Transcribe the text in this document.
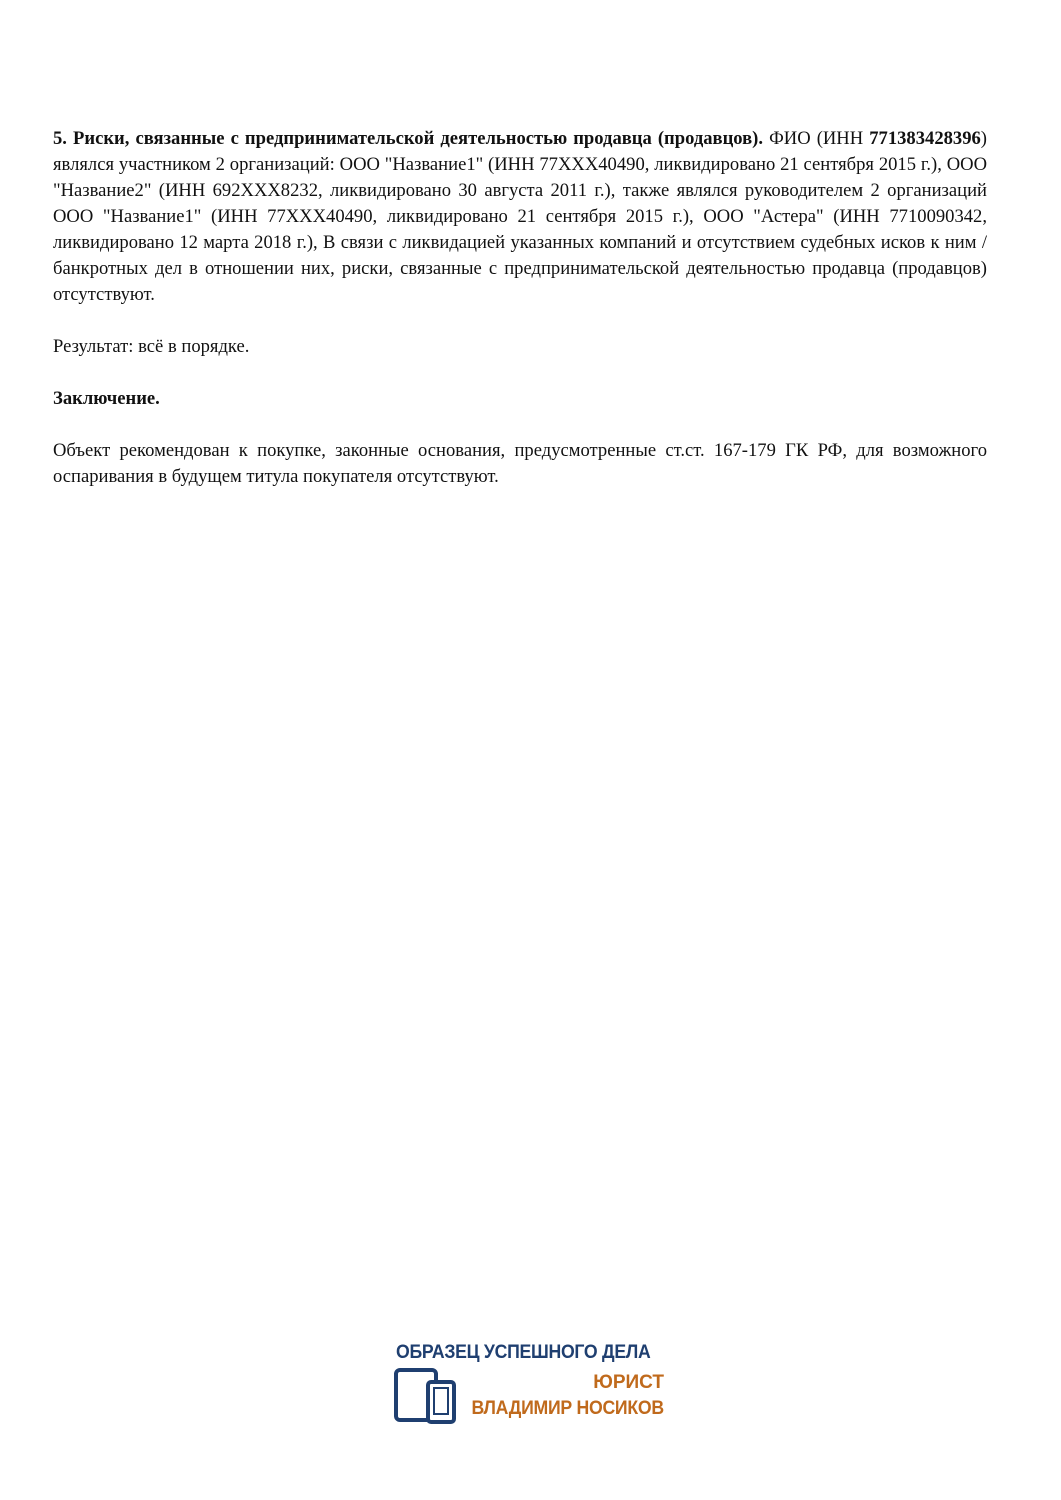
5. Риски, связанные с предпринимательской деятельностью продавца (продавцов). ФИО (ИНН 771383428396) являлся участником 2 организаций: ООО "Название1" (ИНН 77ХХХ40490, ликвидировано 21 сентября 2015 г.), ООО "Название2" (ИНН 692ХХХ8232, ликвидировано 30 августа 2011 г.), также являлся руководителем 2 организаций ООО "Название1" (ИНН 77ХХХ40490, ликвидировано 21 сентября 2015 г.), ООО "Астера" (ИНН 7710090342, ликвидировано 12 марта 2018 г.), В связи с ликвидацией указанных компаний и отсутствием судебных исков к ним / банкротных дел в отношении них, риски, связанные с предпринимательской деятельностью продавца (продавцов) отсутствуют.

Результат: всё в порядке.

Заключение.

Объект рекомендован к покупке, законные основания, предусмотренные ст.ст. 167-179 ГК РФ, для возможного оспаривания в будущем титула покупателя отсутствуют.

ОБРАЗЕЦ УСПЕШНОГО ДЕЛА
ЮРИСТ
ВЛАДИМИР НОСИКОВ
